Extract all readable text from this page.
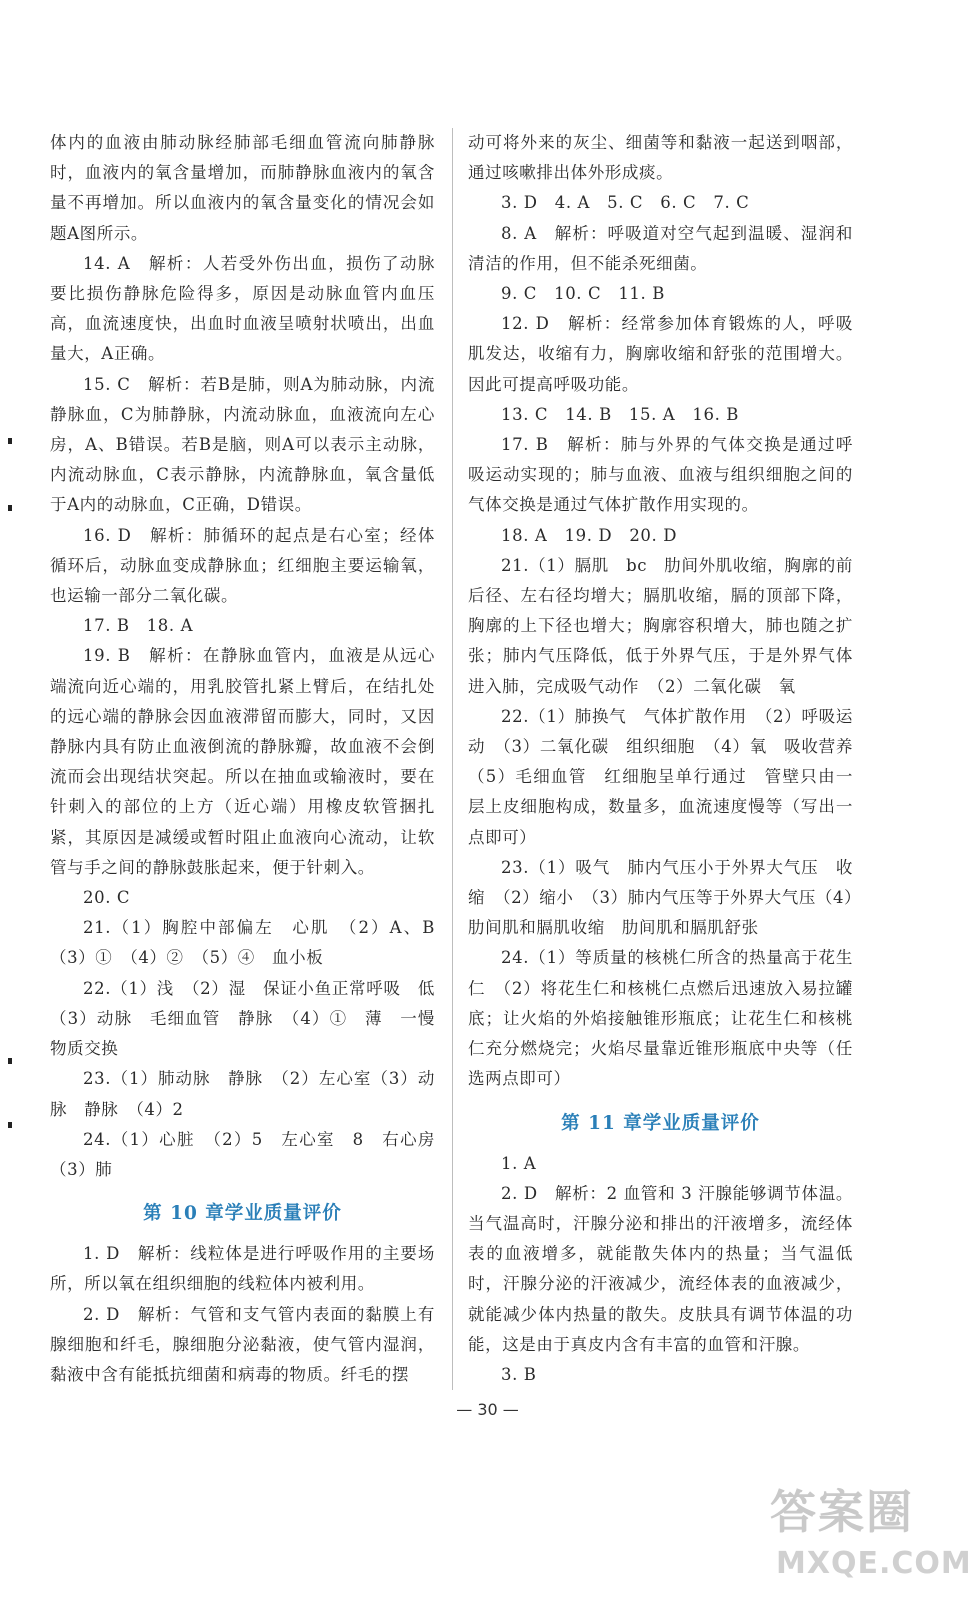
体内的血液由肺动脉经肺部毛细血管流向肺静脉时，血液内的氧含量增加，而肺静脉血液内的氧含量不再增加。所以血液内的氧含量变化的情况会如题A图所示。

14. A　解析：人若受外伤出血，损伤了动脉要比损伤静脉危险得多，原因是动脉血管内血压高，血流速度快，出血时血液呈喷射状喷出，出血量大，A正确。

15. C　解析：若B是肺，则A为肺动脉，内流静脉血，C为肺静脉，内流动脉血，血液流向左心房，A、B错误。若B是脑，则A可以表示主动脉，内流动脉血，C表示静脉，内流静脉血，氧含量低于A内的动脉血，C正确，D错误。

16. D　解析：肺循环的起点是右心室；经体循环后，动脉血变成静脉血；红细胞主要运输氧，也运输一部分二氧化碳。

17. B　18. A

19. B　解析：在静脉血管内，血液是从远心端流向近心端的，用乳胶管扎紧上臂后，在结扎处的远心端的静脉会因血液滞留而膨大，同时，又因静脉内具有防止血液倒流的静脉瓣，故血液不会倒流而会出现结状突起。所以在抽血或输液时，要在针刺入的部位的上方（近心端）用橡皮软管捆扎紧，其原因是减缓或暂时阻止血液向心流动，让软管与手之间的静脉鼓胀起来，便于针刺入。

20. C

21.（1）胸腔中部偏左　心肌　（2）A、B（3）①　（4）②　（5）④　血小板

22.（1）浅　（2）湿　保证小鱼正常呼吸　低（3）动脉　毛细血管　静脉　（4）①　薄　一慢　物质交换

23.（1）肺动脉　静脉　（2）左心室（3）动脉　静脉　（4）2

24.（1）心脏　（2）5　左心室　8　右心房（3）肺

第 10 章学业质量评价

1. D　解析：线粒体是进行呼吸作用的主要场所，所以氧在组织细胞的线粒体内被利用。

2. D　解析：气管和支气管内表面的黏膜上有腺细胞和纤毛，腺细胞分泌黏液，使气管内湿润，黏液中含有能抵抗细菌和病毒的物质。纤毛的摆

动可将外来的灰尘、细菌等和黏液一起送到咽部，通过咳嗽排出体外形成痰。

3. D　4. A　5. C　6. C　7. C

8. A　解析：呼吸道对空气起到温暖、湿润和清洁的作用，但不能杀死细菌。

9. C　10. C　11. B

12. D　解析：经常参加体育锻炼的人，呼吸肌发达，收缩有力，胸廓收缩和舒张的范围增大。因此可提高呼吸功能。

13. C　14. B　15. A　16. B

17. B　解析：肺与外界的气体交换是通过呼吸运动实现的；肺与血液、血液与组织细胞之间的气体交换是通过气体扩散作用实现的。

18. A　19. D　20. D

21.（1）膈肌　bc　肋间外肌收缩，胸廓的前后径、左右径均增大；膈肌收缩，膈的顶部下降，胸廓的上下径也增大；胸廓容积增大，肺也随之扩张；肺内气压降低，低于外界气压，于是外界气体进入肺，完成吸气动作　（2）二氧化碳　氧

22.（1）肺换气　气体扩散作用　（2）呼吸运动　（3）二氧化碳　组织细胞　（4）氧　吸收营养（5）毛细血管　红细胞呈单行通过　管壁只由一层上皮细胞构成，数量多，血流速度慢等（写出一点即可）

23.（1）吸气　肺内气压小于外界大气压　收缩　（2）缩小　（3）肺内气压等于外界大气压（4）肋间肌和膈肌收缩　肋间肌和膈肌舒张

24.（1）等质量的核桃仁所含的热量高于花生仁　（2）将花生仁和核桃仁点燃后迅速放入易拉罐底；让火焰的外焰接触锥形瓶底；让花生仁和核桃仁充分燃烧完；火焰尽量靠近锥形瓶底中央等（任选两点即可）

第 11 章学业质量评价

1. A

2. D　解析：2 血管和 3 汗腺能够调节体温。当气温高时，汗腺分泌和排出的汗液增多，流经体表的血液增多，就能散失体内的热量；当气温低时，汗腺分泌的汗液减少，流经体表的血液减少，就能减少体内热量的散失。皮肤具有调节体温的功能，这是由于真皮内含有丰富的血管和汗腺。

3. B

— 30 —
答案圈
MXQE.COM
